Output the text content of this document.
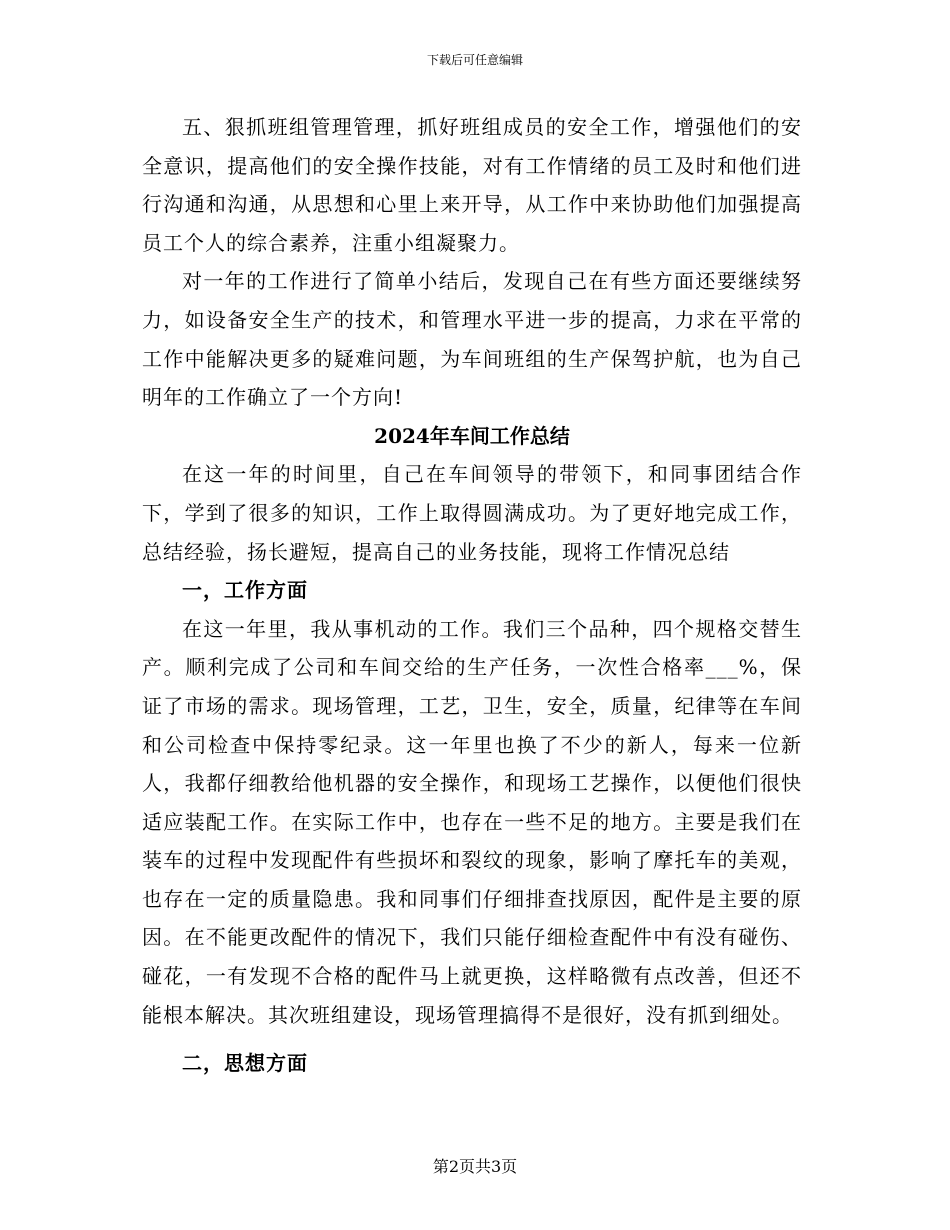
下载后可任意编辑

五、狠抓班组管理管理，抓好班组成员的安全工作，增强他们的安全意识，提高他们的安全操作技能，对有工作情绪的员工及时和他们进行沟通和沟通，从思想和心里上来开导，从工作中来协助他们加强提高员工个人的综合素养，注重小组凝聚力。

对一年的工作进行了简单小结后，发现自己在有些方面还要继续努力，如设备安全生产的技术，和管理水平进一步的提高，力求在平常的工作中能解决更多的疑难问题，为车间班组的生产保驾护航，也为自己明年的工作确立了一个方向!

2024年车间工作总结

在这一年的时间里，自己在车间领导的带领下，和同事团结合作下，学到了很多的知识，工作上取得圆满成功。为了更好地完成工作，总结经验，扬长避短，提高自己的业务技能，现将工作情况总结

一，工作方面

在这一年里，我从事机动的工作。我们三个品种，四个规格交替生产。顺利完成了公司和车间交给的生产任务，一次性合格率___%，保证了市场的需求。现场管理，工艺，卫生，安全，质量，纪律等在车间和公司检查中保持零纪录。这一年里也换了不少的新人，每来一位新人，我都仔细教给他机器的安全操作，和现场工艺操作，以便他们很快适应装配工作。在实际工作中，也存在一些不足的地方。主要是我们在装车的过程中发现配件有些损坏和裂纹的现象，影响了摩托车的美观，也存在一定的质量隐患。我和同事们仔细排查找原因，配件是主要的原因。在不能更改配件的情况下，我们只能仔细检查配件中有没有碰伤、碰花，一有发现不合格的配件马上就更换，这样略微有点改善，但还不能根本解决。其次班组建设，现场管理搞得不是很好，没有抓到细处。

二，思想方面
第2页共3页
